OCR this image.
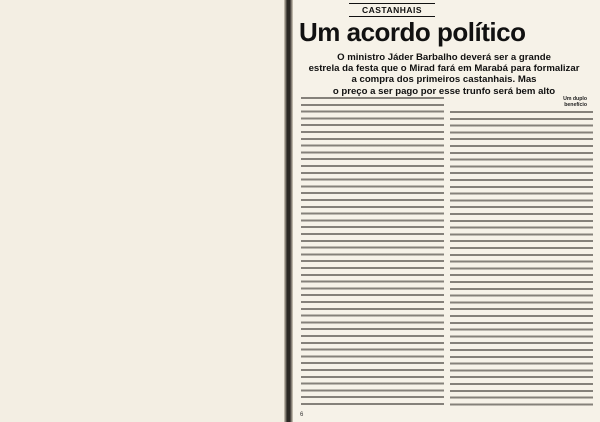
CASTANHAIS
Um acordo político

O ministro Jáder Barbalho deverá ser a grande
estrela da festa que o Mirad fará em Marabá para formalizar
a compra dos primeiros castanhais. Mas
o preço a ser pago por esse trunfo será bem alto

Um duplo
benefício
6
